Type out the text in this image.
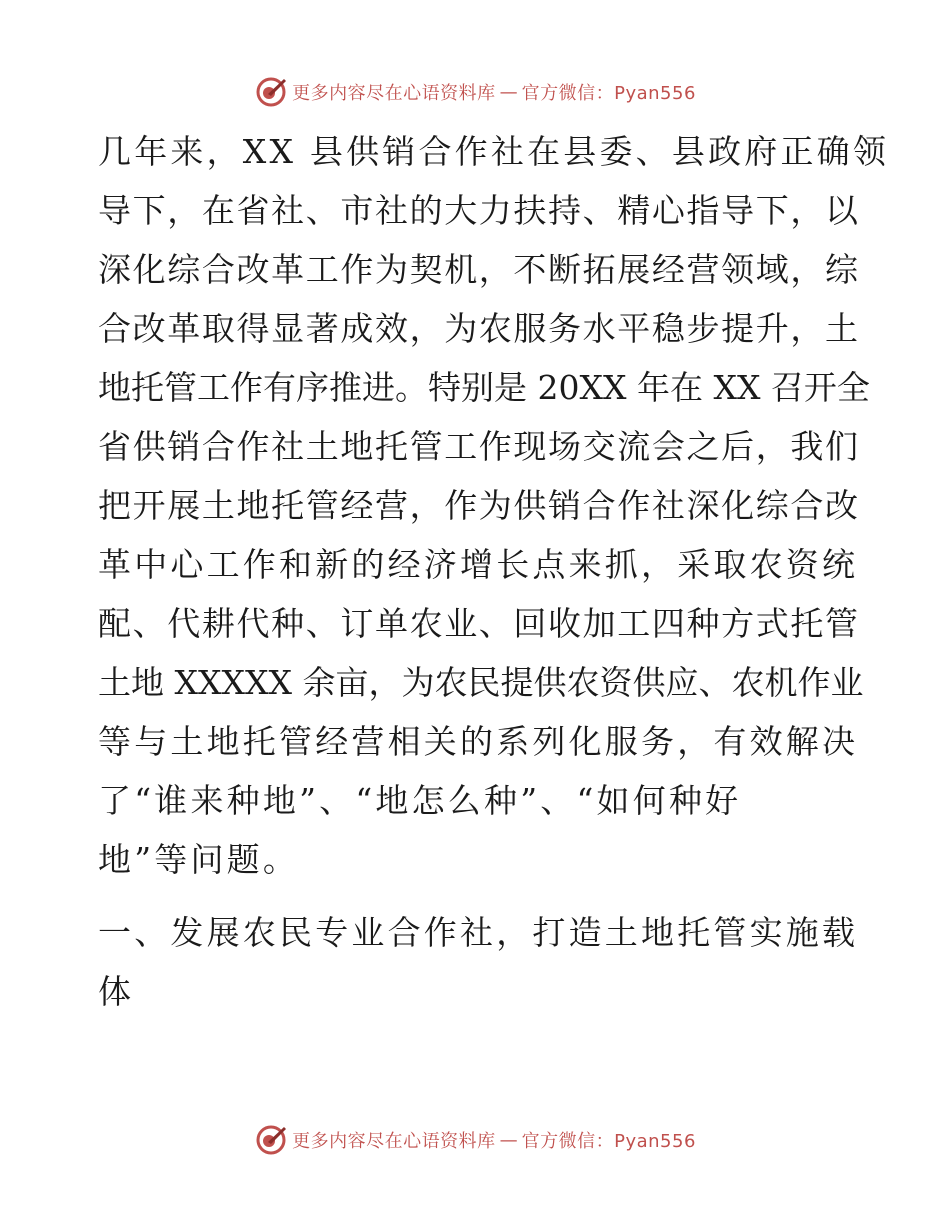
更多内容尽在心语资料库 — 官方微信：Pyan556
几年来，XX 县供销合作社在县委、县政府正确领
导下，在省社、市社的大力扶持、精心指导下，以
深化综合改革工作为契机，不断拓展经营领域，综
合改革取得显著成效，为农服务水平稳步提升，土
地托管工作有序推进。特别是 20XX 年在 XX 召开全
省供销合作社土地托管工作现场交流会之后，我们
把开展土地托管经营，作为供销合作社深化综合改
革中心工作和新的经济增长点来抓，采取农资统
配、代耕代种、订单农业、回收加工四种方式托管
土地 XXXXX 余亩，为农民提供农资供应、农机作业
等与土地托管经营相关的系列化服务，有效解决
了“谁来种地”、“地怎么种”、“如何种好
地”等问题。
一、发展农民专业合作社，打造土地托管实施载
体
更多内容尽在心语资料库 — 官方微信：Pyan556
